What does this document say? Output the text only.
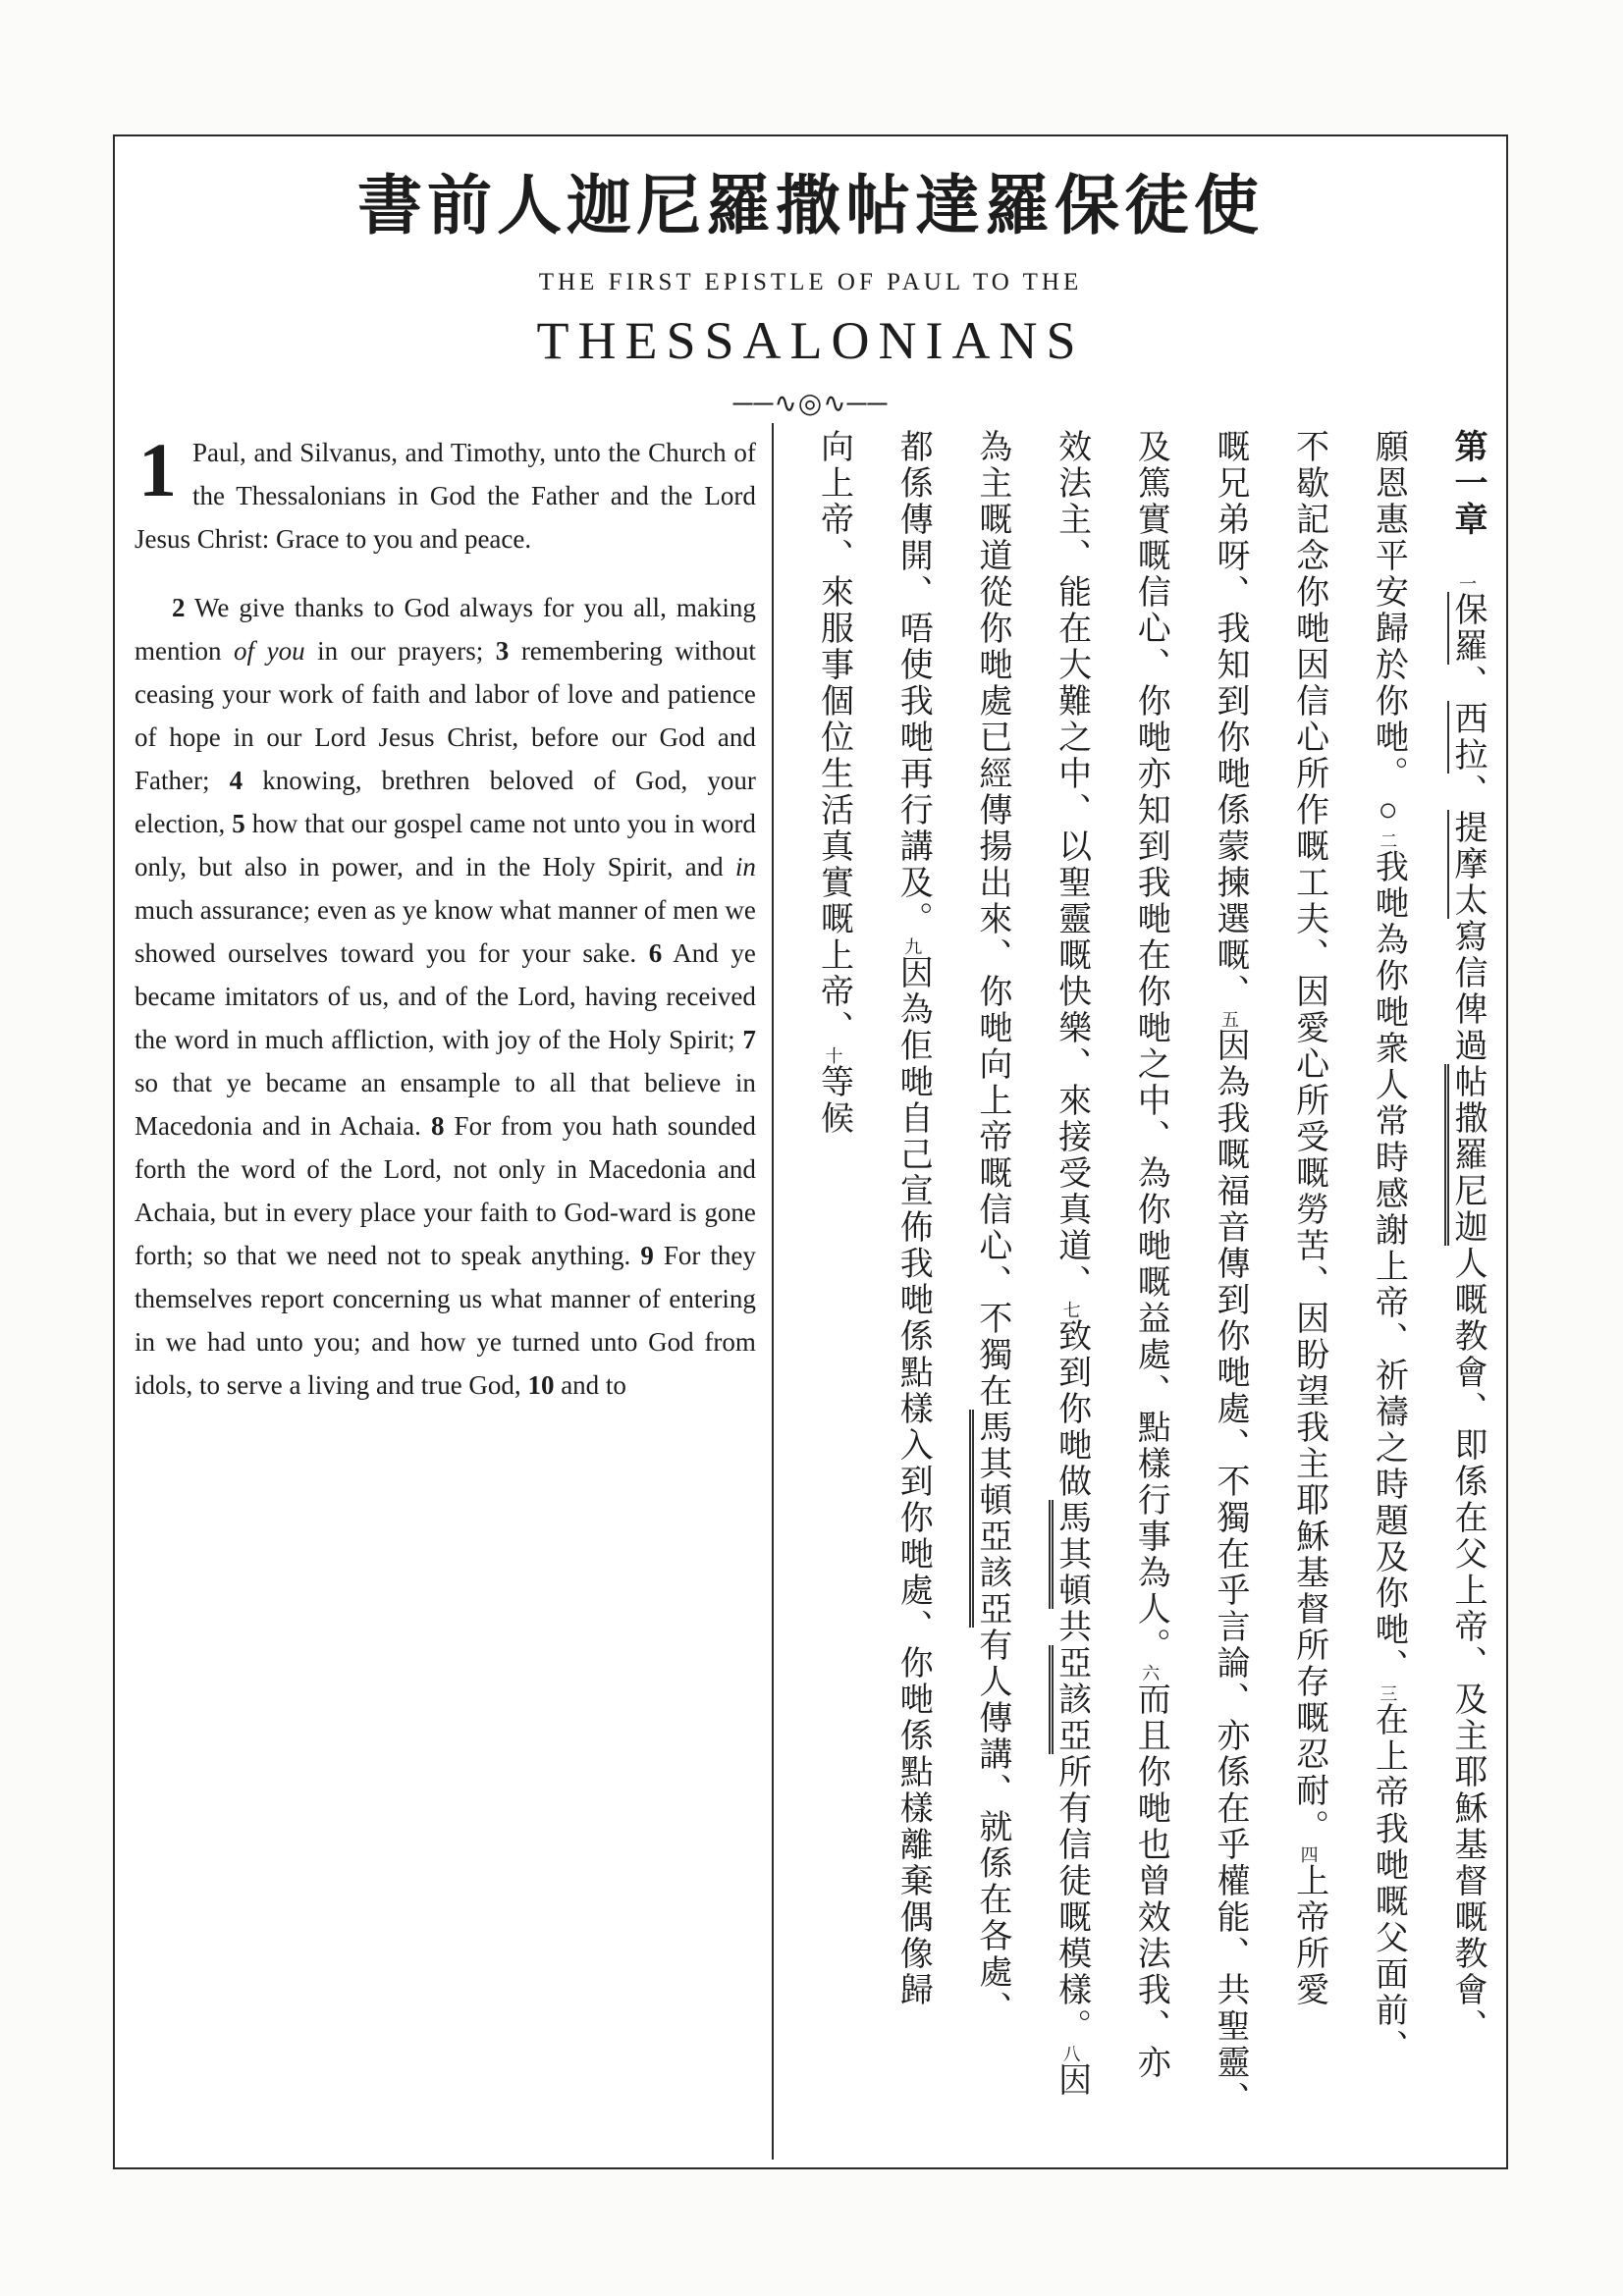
書前人迦尼羅撒帖達羅保徒使
THE FIRST EPISTLE OF PAUL TO THE
THESSALONIANS
──∿◎∿──

1 Paul, and Silvanus, and Timothy, unto the Church of the Thessalonians in God the Father and the Lord Jesus Christ: Grace to you and peace.

2 We give thanks to God always for you all, making mention of you in our prayers; 3 remembering without ceasing your work of faith and labor of love and patience of hope in our Lord Jesus Christ, before our God and Father; 4 knowing, brethren beloved of God, your election, 5 how that our gospel came not unto you in word only, but also in power, and in the Holy Spirit, and in much assurance; even as ye know what manner of men we showed ourselves toward you for your sake. 6 And ye became imitators of us, and of the Lord, having received the word in much affliction, with joy of the Holy Spirit; 7 so that ye became an ensample to all that believe in Macedonia and in Achaia. 8 For from you hath sounded forth the word of the Lord, not only in Macedonia and Achaia, but in every place your faith to God-ward is gone forth; so that we need not to speak anything. 9 For they themselves report concerning us what manner of entering in we had unto you; and how ye turned unto God from idols, to serve a living and true God, 10 and to

第一章　一保羅、西拉、提摩太寫信俾過帖撒羅尼迦人嘅教會、即係在父上帝、及主耶穌基督嘅教會、
願恩惠平安歸於你哋。○二我哋為你哋衆人常時感謝上帝、祈禱之時題及你哋、三在上帝我哋嘅父面前、
不歇記念你哋因信心所作嘅工夫、因愛心所受嘅勞苦、因盼望我主耶穌基督所存嘅忍耐。四上帝所愛
嘅兄弟呀、我知到你哋係蒙揀選嘅、五因為我嘅福音傳到你哋處、不獨在乎言論、亦係在乎權能、共聖靈、
及篤實嘅信心、你哋亦知到我哋在你哋之中、為你哋嘅益處、點樣行事為人。六而且你哋也曾效法我、亦
效法主、能在大難之中、以聖靈嘅快樂、來接受真道、七致到你哋做馬其頓共亞該亞所有信徒嘅模樣。八因
為主嘅道從你哋處已經傳揚出來、你哋向上帝嘅信心、不獨在馬其頓亞該亞有人傳講、就係在各處、
都係傳開、唔使我哋再行講及。九因為佢哋自己宣佈我哋係點樣入到你哋處、你哋係點樣離棄偶像歸
向上帝、來服事個位生活真實嘅上帝、十等候
